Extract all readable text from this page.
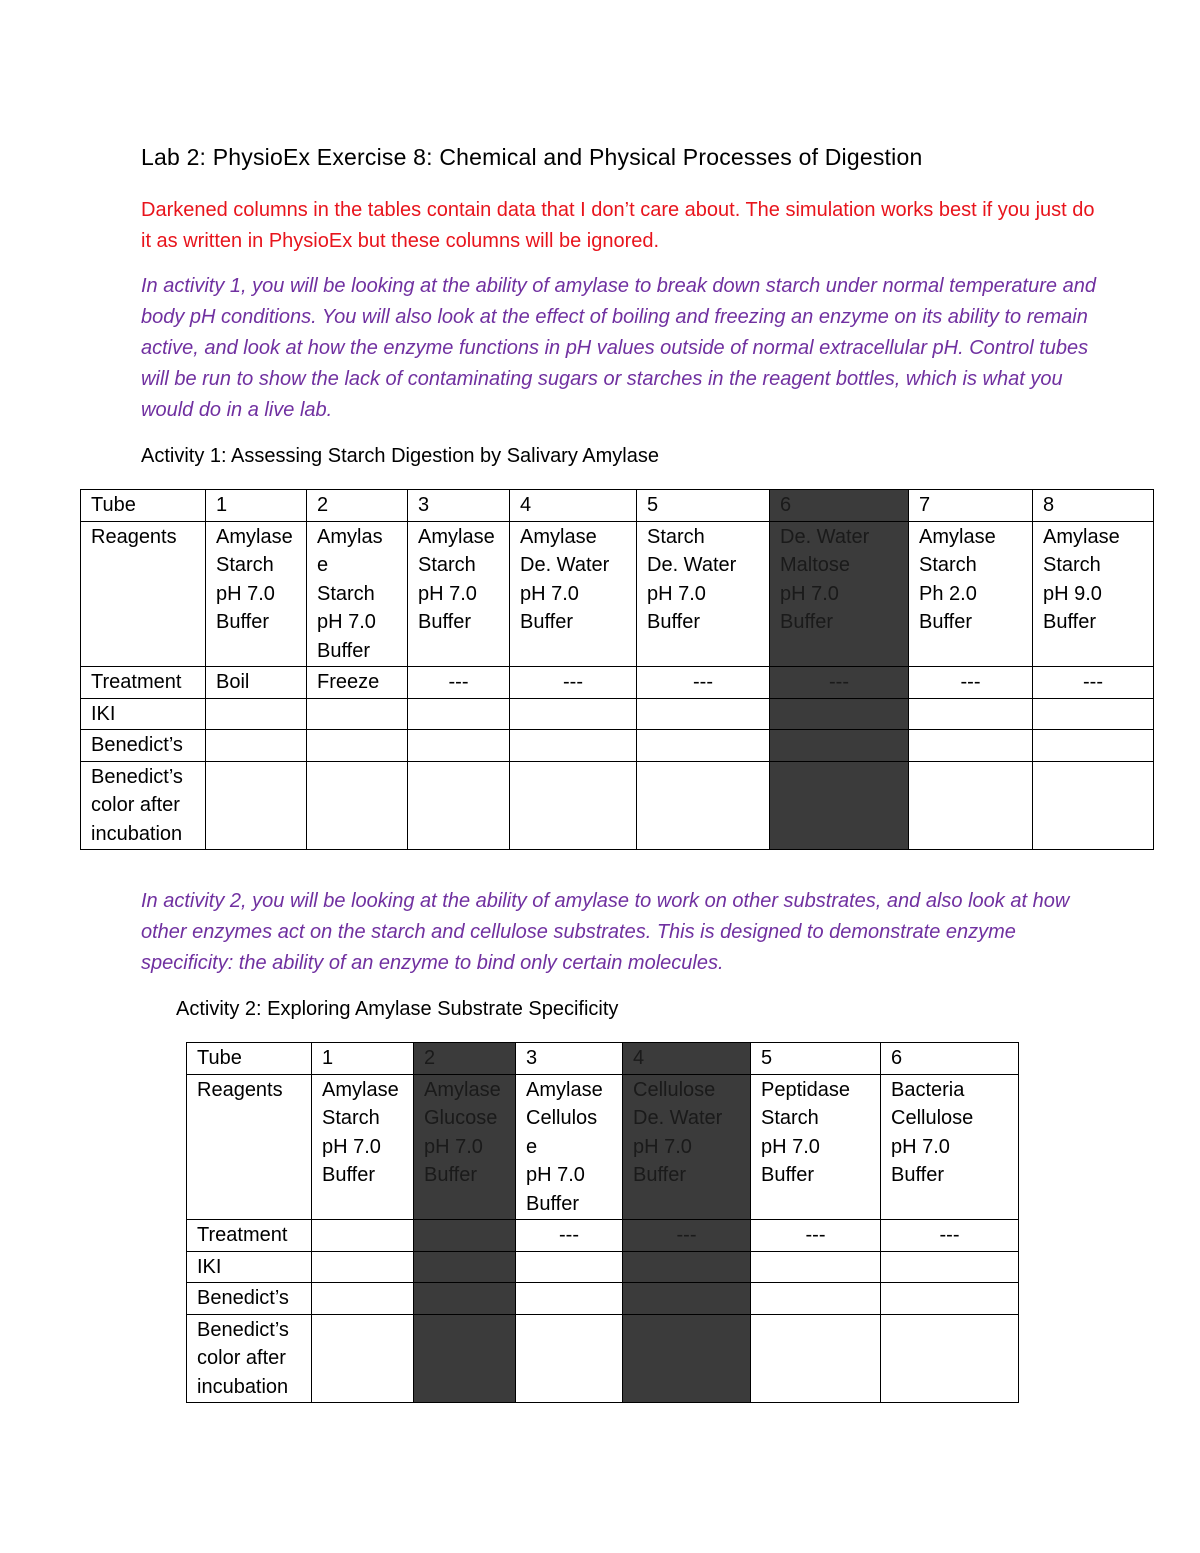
Lab 2: PhysioEx Exercise 8: Chemical and Physical Processes of Digestion
Darkened columns in the tables contain data that I don’t care about. The simulation works best if you just do it as written in PhysioEx but these columns will be ignored.
In activity 1, you will be looking at the ability of amylase to break down starch under normal temperature and body pH conditions. You will also look at the effect of boiling and freezing an enzyme on its ability to remain active, and look at how the enzyme functions in pH values outside of normal extracellular pH. Control tubes will be run to show the lack of contaminating sugars or starches in the reagent bottles, which is what you would do in a live lab.
Activity 1: Assessing Starch Digestion by Salivary Amylase
Tube	1	2	3	4	5	6	7	8
Reagents	Amylase
Starch
pH 7.0
Buffer	Amylas
e
Starch
pH 7.0
Buffer	Amylase
Starch
pH 7.0
Buffer	Amylase
De. Water
pH 7.0
Buffer	Starch
De. Water
pH 7.0
Buffer	De. Water
Maltose
pH 7.0
Buffer	Amylase
Starch
Ph 2.0
Buffer	Amylase
Starch
pH 9.0
Buffer

Treatment	Boil	Freeze	---	---	---	---	---	---
IKI								
Benedict’s								

Benedict’s
color after
incubation								

In activity 2, you will be looking at the ability of amylase to work on other substrates, and also look at how other enzymes act on the starch and cellulose substrates. This is designed to demonstrate enzyme specificity: the ability of an enzyme to bind only certain molecules.
Activity 2: Exploring Amylase Substrate Specificity
Tube	1	2	3	4	5	6
Reagents	Amylase
Starch
pH 7.0
Buffer	Amylase
Glucose
pH 7.0
Buffer	Amylase
Cellulos
e
pH 7.0
Buffer	Cellulose
De. Water
pH 7.0
Buffer	Peptidase
Starch
pH 7.0
Buffer	Bacteria
Cellulose
pH 7.0
Buffer

Treatment			---	---	---	---
IKI						
Benedict’s						

Benedict’s
color after
incubation						
